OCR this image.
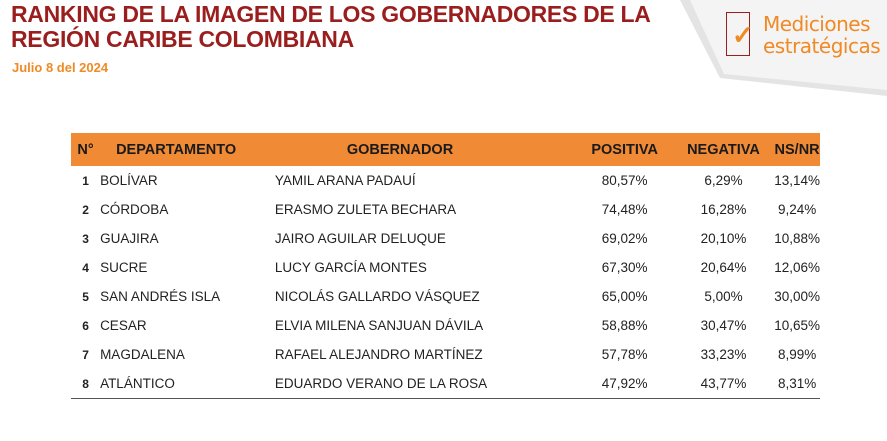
RANKING DE LA IMAGEN DE LOS GOBERNADORES DE LA REGIÓN CARIBE COLOMBIANA
Julio 8 del 2024
✓ Mediciones
estratégicas
N°	DEPARTAMENTO	GOBERNADOR	POSITIVA	NEGATIVA	NS/NR
1	BOLÍVAR	YAMIL ARANA PADAUÍ	80,57%	6,29%	13,14%
2	CÓRDOBA	ERASMO ZULETA BECHARA	74,48%	16,28%	9,24%
3	GUAJIRA	JAIRO AGUILAR DELUQUE	69,02%	20,10%	10,88%
4	SUCRE	LUCY GARCÍA MONTES	67,30%	20,64%	12,06%
5	SAN ANDRÉS ISLA	NICOLÁS GALLARDO VÁSQUEZ	65,00%	5,00%	30,00%
6	CESAR	ELVIA MILENA SANJUAN DÁVILA	58,88%	30,47%	10,65%
7	MAGDALENA	RAFAEL ALEJANDRO MARTÍNEZ	57,78%	33,23%	8,99%
8	ATLÁNTICO	EDUARDO VERANO DE LA ROSA	47,92%	43,77%	8,31%
